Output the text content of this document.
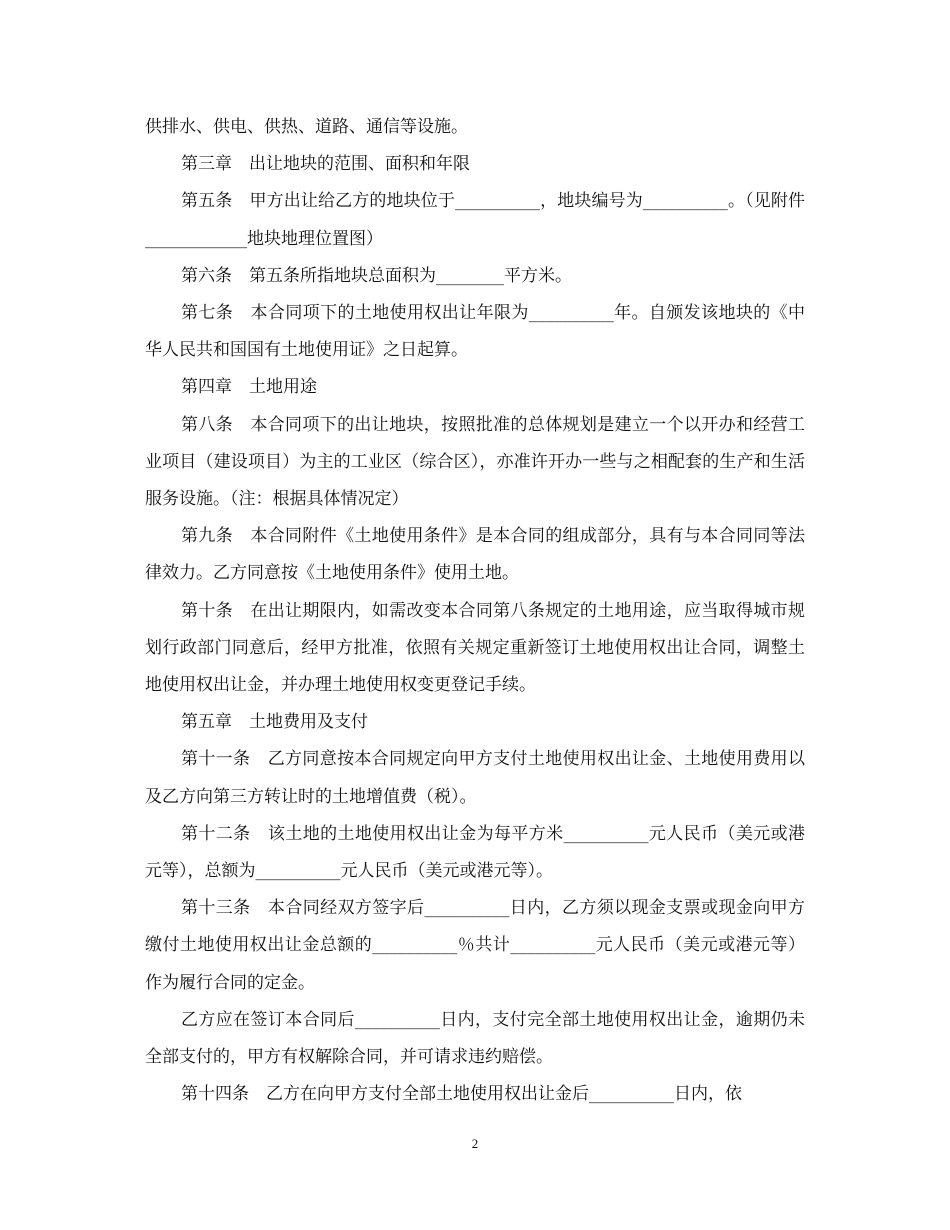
供排水、供电、供热、道路、通信等设施。

第三章　出让地块的范围、面积和年限

第五条　甲方出让给乙方的地块位于__________，地块编号为__________。（见附件____________地块地理位置图）

第六条　第五条所指地块总面积为________平方米。

第七条　本合同项下的土地使用权出让年限为__________年。自颁发该地块的《中华人民共和国国有土地使用证》之日起算。

第四章　土地用途

第八条　本合同项下的出让地块，按照批准的总体规划是建立一个以开办和经营工业项目（建设项目）为主的工业区（综合区），亦准许开办一些与之相配套的生产和生活服务设施。（注：根据具体情况定）

第九条　本合同附件《土地使用条件》是本合同的组成部分，具有与本合同同等法律效力。乙方同意按《土地使用条件》使用土地。

第十条　在出让期限内，如需改变本合同第八条规定的土地用途，应当取得城市规划行政部门同意后，经甲方批准，依照有关规定重新签订土地使用权出让合同，调整土地使用权出让金，并办理土地使用权变更登记手续。

第五章　土地费用及支付

第十一条　乙方同意按本合同规定向甲方支付土地使用权出让金、土地使用费用以及乙方向第三方转让时的土地增值费（税）。

第十二条　该土地的土地使用权出让金为每平方米__________元人民币（美元或港元等），总额为__________元人民币（美元或港元等）。

第十三条　本合同经双方签字后__________日内，乙方须以现金支票或现金向甲方缴付土地使用权出让金总额的__________％共计__________元人民币（美元或港元等）作为履行合同的定金。

乙方应在签订本合同后__________日内，支付完全部土地使用权出让金，逾期仍未全部支付的，甲方有权解除合同，并可请求违约赔偿。

第十四条　乙方在向甲方支付全部土地使用权出让金后__________日内，依

2
